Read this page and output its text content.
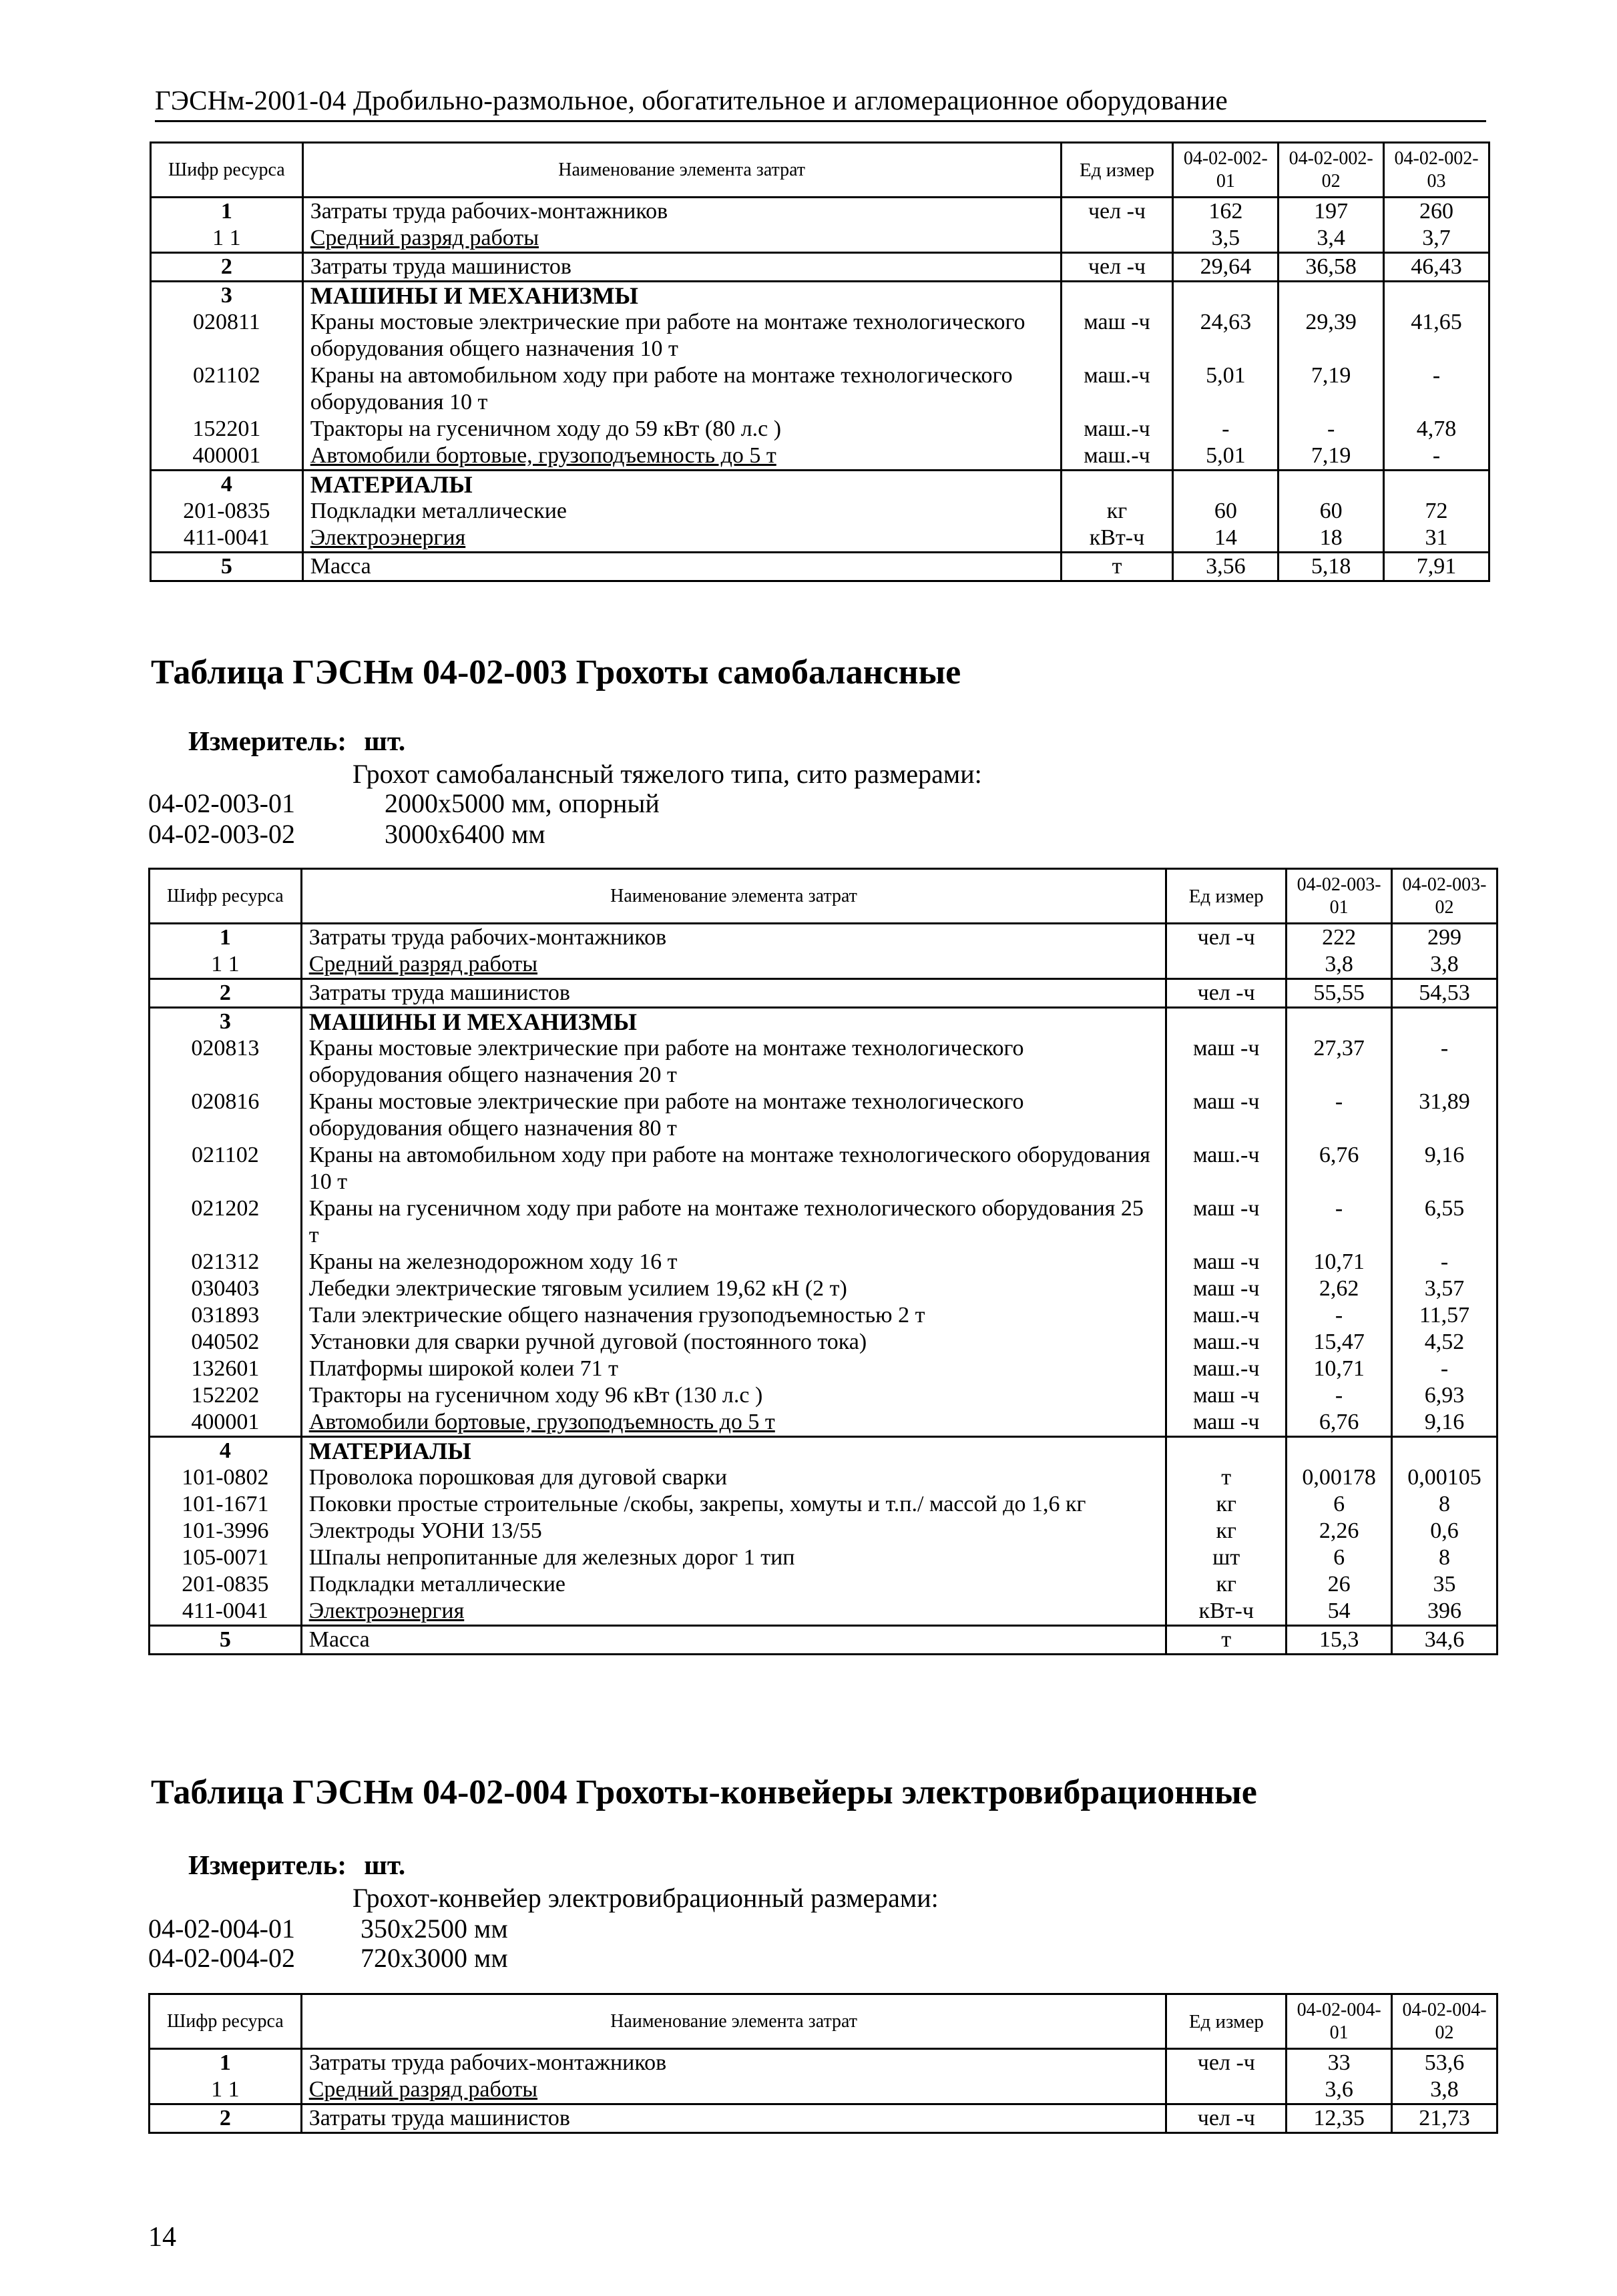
ГЭСНм-2001-04 Дробильно-размольное, обогатительное и агломерационное оборудование
Шифр ресурса	Наименование элемента затрат	Ед измер	04-02-002-01	04-02-002-02	04-02-002-03
1	Затраты труда рабочих-монтажников	чел -ч	162	197	260
1 1	Средний разряд работы		3,5	3,4	3,7
2	Затраты труда машинистов	чел -ч	29,64	36,58	46,43
3	МАШИНЫ И МЕХАНИЗМЫ				
020811	Краны мостовые электрические при работе на монтаже технологического оборудования общего назначения 10 т	маш -ч	24,63	29,39	41,65
021102	Краны на автомобильном ходу при работе на монтаже технологического оборудования 10 т	маш.-ч	5,01	7,19	-
152201	Тракторы на гусеничном ходу до 59 кВт (80 л.с )	маш.-ч	-	-	4,78
400001	Автомобили бортовые, грузоподъемность до 5 т	маш.-ч	5,01	7,19	-
4	МАТЕРИАЛЫ				
201-0835	Подкладки металлические	кг	60	60	72
411-0041	Электроэнергия	кВт-ч	14	18	31
5	Масса	т	3,56	5,18	7,91
Таблица ГЭСНм 04-02-003 Грохоты самобалансные
Измеритель: шт.
Грохот самобалансный тяжелого типа, сито размерами:
04-02-003-01	2000x5000 мм, опорный
04-02-003-02	3000x6400 мм
Шифр ресурса	Наименование элемента затрат	Ед измер	04-02-003-01	04-02-003-02
1	Затраты труда рабочих-монтажников	чел -ч	222	299
1 1	Средний разряд работы		3,8	3,8
2	Затраты труда машинистов	чел -ч	55,55	54,53
3	МАШИНЫ И МЕХАНИЗМЫ			
020813	Краны мостовые электрические при работе на монтаже технологического оборудования общего назначения 20 т	маш -ч	27,37	-
020816	Краны мостовые электрические при работе на монтаже технологического оборудования общего назначения 80 т	маш -ч	-	31,89
021102	Краны на автомобильном ходу при работе на монтаже технологического оборудования 10 т	маш.-ч	6,76	9,16
021202	Краны на гусеничном ходу при работе на монтаже технологического оборудования 25 т	маш -ч	-	6,55
021312	Краны на железнодорожном ходу 16 т	маш -ч	10,71	-
030403	Лебедки электрические тяговым усилием 19,62 кН (2 т)	маш -ч	2,62	3,57
031893	Тали электрические общего назначения грузоподъемностью 2 т	маш.-ч	-	11,57
040502	Установки для сварки ручной дуговой (постоянного тока)	маш.-ч	15,47	4,52
132601	Платформы широкой колеи 71 т	маш.-ч	10,71	-
152202	Тракторы на гусеничном ходу 96 кВт (130 л.с )	маш -ч	-	6,93
400001	Автомобили бортовые, грузоподъемность до 5 т	маш -ч	6,76	9,16
4	МАТЕРИАЛЫ			
101-0802	Проволока порошковая для дуговой сварки	т	0,00178	0,00105
101-1671	Поковки простые строительные /скобы, закрепы, хомуты и т.п./ массой до 1,6 кг	кг	6	8
101-3996	Электроды УОНИ 13/55	кг	2,26	0,6
105-0071	Шпалы непропитанные для железных дорог 1 тип	шт	6	8
201-0835	Подкладки металлические	кг	26	35
411-0041	Электроэнергия	кВт-ч	54	396
5	Масса	т	15,3	34,6
Таблица ГЭСНм 04-02-004 Грохоты-конвейеры электровибрационные
Измеритель: шт.
Грохот-конвейер электровибрационный размерами:
04-02-004-01 350x2500 мм
04-02-004-02 720x3000 мм
Шифр ресурса	Наименование элемента затрат	Ед измер	04-02-004-01	04-02-004-02
1	Затраты труда рабочих-монтажников	чел -ч	33	53,6
1 1	Средний разряд работы		3,6	3,8
2	Затраты труда машинистов	чел -ч	12,35	21,73
14
